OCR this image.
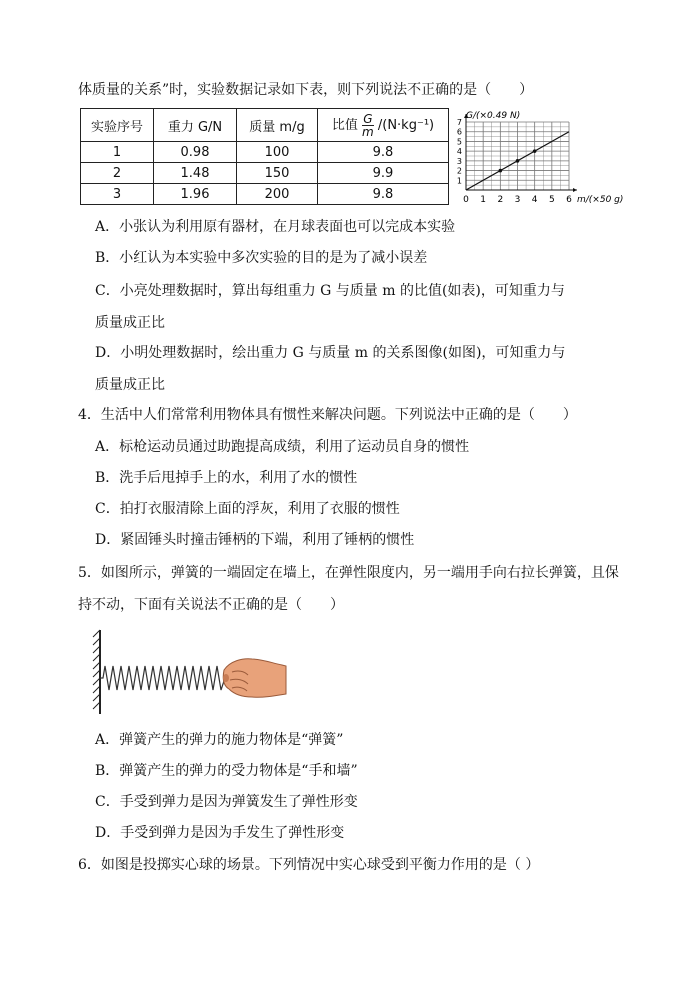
体质量的关系”时，实验数据记录如下表，则下列说法不正确的是（　　）
实验序号	重力 G/N	质量 m/g	比值 $\frac{G}{m} /(N\cdot kg^{-1})$
1	0.98	100	9.8
2	1.48	150	9.9
3	1.96	200	9.8	0 1 2 3 4 5 6
1
2
3
4
5
6
7
G/(×0.49 N)
m/(×50 g)
A．小张认为利用原有器材，在月球表面也可以完成本实验
B．小红认为本实验中多次实验的目的是为了减小误差
C．小亮处理数据时，算出每组重力 G 与质量 m 的比值(如表)，可知重力与
质量成正比
D．小明处理数据时，绘出重力 G 与质量 m 的关系图像(如图)，可知重力与
质量成正比
4．生活中人们常常利用物体具有惯性来解决问题。下列说法中正确的是（　　）
A．标枪运动员通过助跑提高成绩，利用了运动员自身的惯性
B．洗手后甩掉手上的水，利用了水的惯性
C．拍打衣服清除上面的浮灰，利用了衣服的惯性
D．紧固锤头时撞击锤柄的下端，利用了锤柄的惯性
5．如图所示，弹簧的一端固定在墙上，在弹性限度内，另一端用手向右拉长弹簧，且保
持不动，下面有关说法不正确的是（　　）
A．弹簧产生的弹力的施力物体是“弹簧”
B．弹簧产生的弹力的受力物体是“手和墙”
C．手受到弹力是因为弹簧发生了弹性形变
D．手受到弹力是因为手发生了弹性形变
6．如图是投掷实心球的场景。下列情况中实心球受到平衡力作用的是（ ）
